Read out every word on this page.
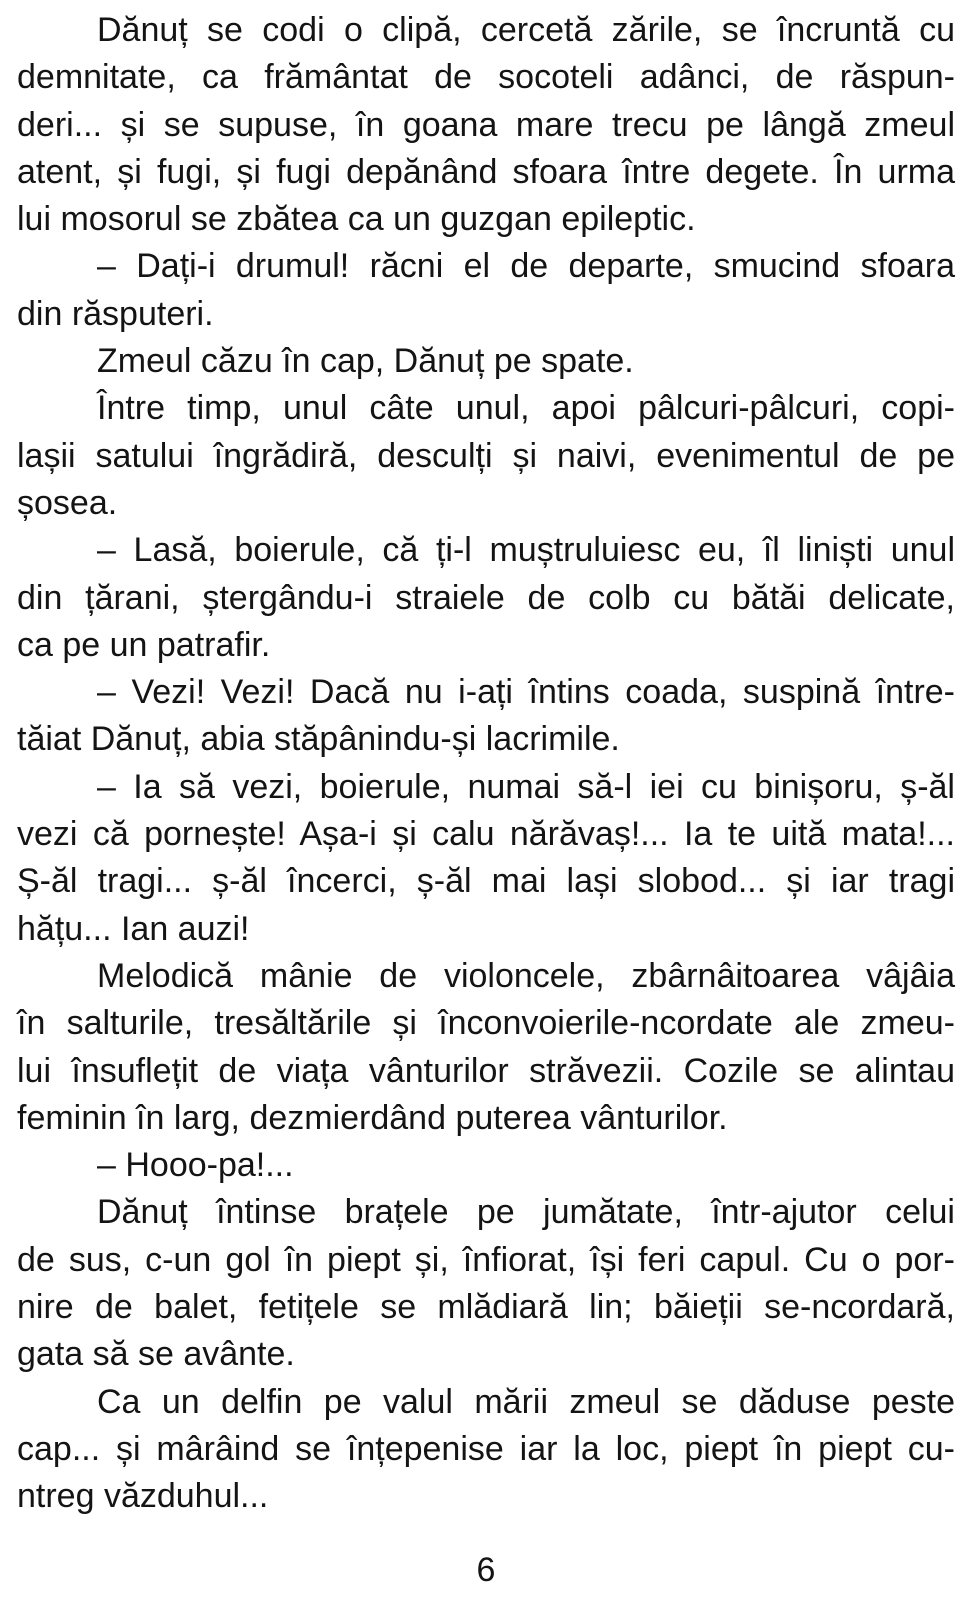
Dănuț se codi o clipă, cercetă zările, se încruntă cu
demnitate, ca frământat de socoteli adânci, de răspun-
deri... și se supuse, în goana mare trecu pe lângă zmeul
atent, și fugi, și fugi depănând sfoara între degete. În urma
lui mosorul se zbătea ca un guzgan epileptic.
– Dați-i drumul! răcni el de departe, smucind sfoara
din răsputeri.
Zmeul căzu în cap, Dănuț pe spate.
Între timp, unul câte unul, apoi pâlcuri-pâlcuri, copi-
lașii satului îngrădiră, desculți și naivi, evenimentul de pe
șosea.
– Lasă, boierule, că ți-l muștruluiesc eu, îl liniști unul
din țărani, ștergându-i straiele de colb cu bătăi delicate,
ca pe un patrafir.
– Vezi! Vezi! Dacă nu i-ați întins coada, suspină între-
tăiat Dănuț, abia stăpânindu-și lacrimile.
– Ia să vezi, boierule, numai să-l iei cu binișoru, ș-ăl
vezi că pornește! Așa-i și calu nărăvaș!... Ia te uită mata!...
Ș-ăl tragi... ș-ăl încerci, ș-ăl mai lași slobod... și iar tragi
hățu... Ian auzi!
Melodică mânie de violoncele, zbârnâitoarea vâjâia
în salturile, tresăltările și înconvoierile-ncordate ale zmeu-
lui însuflețit de viața vânturilor străvezii. Cozile se alintau
feminin în larg, dezmierdând puterea vânturilor.
– Hooo-pa!...
Dănuț întinse brațele pe jumătate, într-ajutor celui
de sus, c-un gol în piept și, înfiorat, își feri capul. Cu o por-
nire de balet, fetițele se mlădiară lin; băieții se-ncordară,
gata să se avânte.
Ca un delfin pe valul mării zmeul se dăduse peste
cap... și mârâind se înțepenise iar la loc, piept în piept cu-
ntreg văzduhul...
6
